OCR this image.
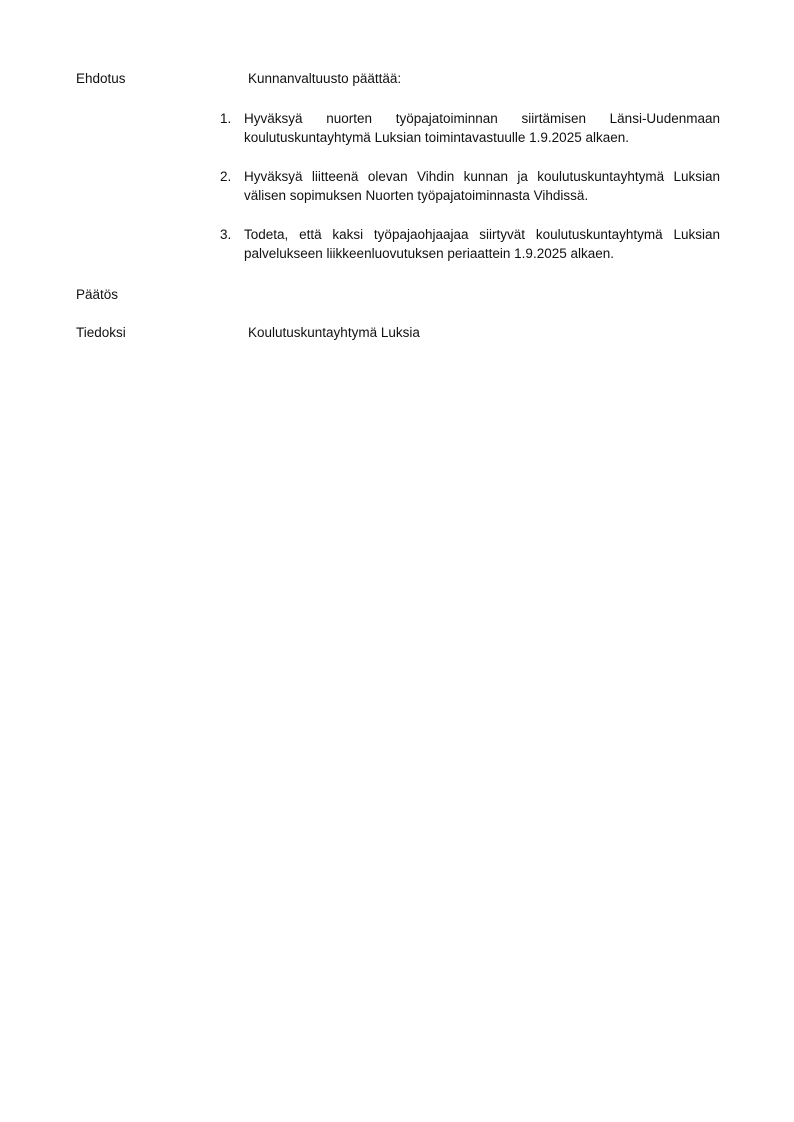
Ehdotus	Kunnanvaltuusto päättää:
1. Hyväksyä nuorten työpajatoiminnan siirtämisen Länsi-Uudenmaan koulutuskuntayhtymä Luksian toimintavastuulle 1.9.2025 alkaen.
2. Hyväksyä liitteenä olevan Vihdin kunnan ja koulutuskuntayhtymä Luksian välisen sopimuksen Nuorten työpajatoiminnasta Vihdissä.
3. Todeta, että kaksi työpajaohjaajaa siirtyvät koulutuskuntayhtymä Luksian palvelukseen liikkeenluovutuksen periaattein 1.9.2025 alkaen.
Päätös
Tiedoksi	Koulutuskuntayhtymä Luksia
